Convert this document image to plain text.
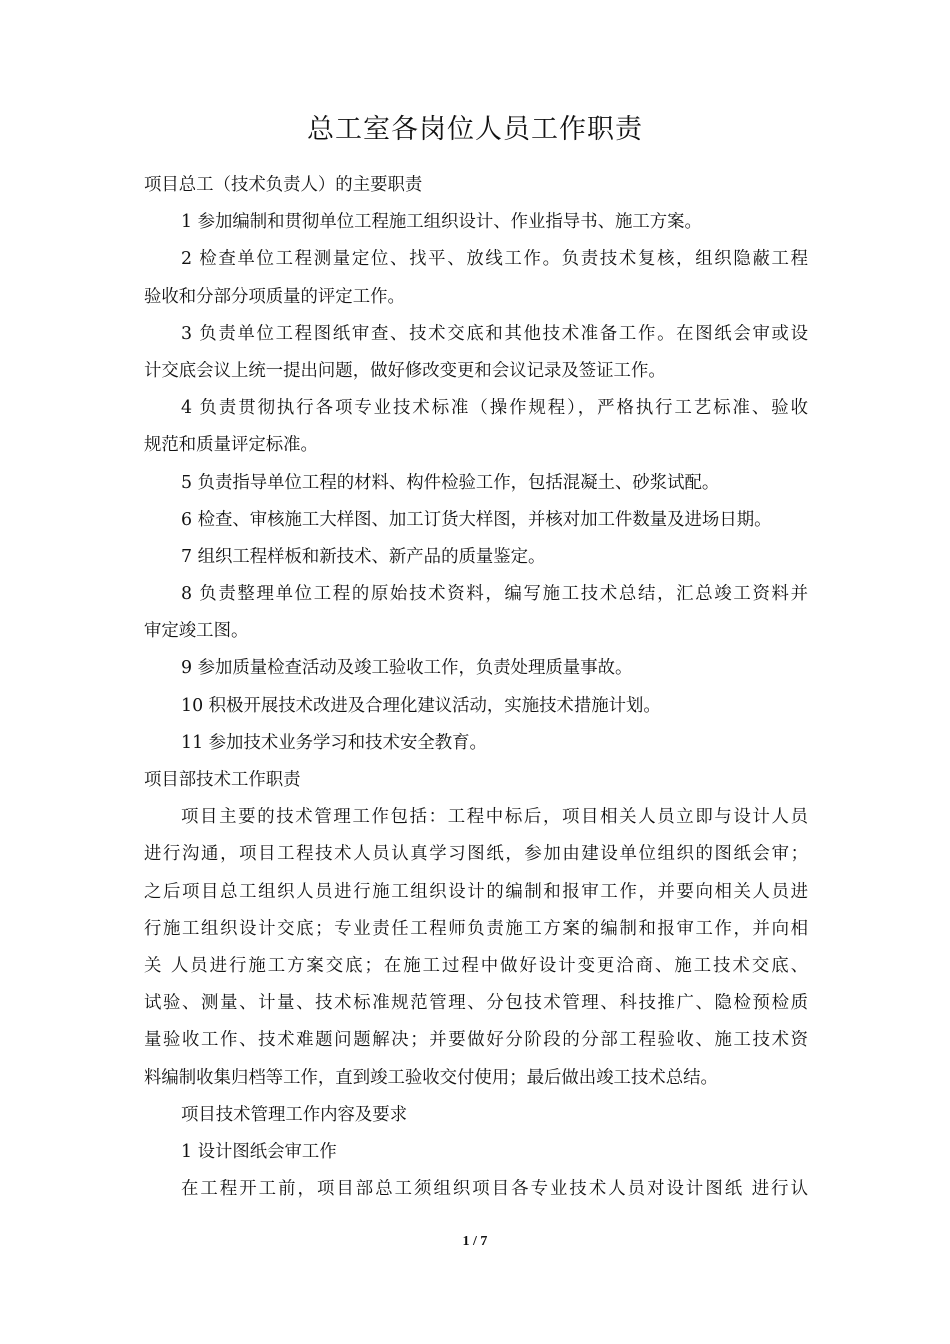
总工室各岗位人员工作职责
项目总工（技术负责人）的主要职责
1 参加编制和贯彻单位工程施工组织设计、作业指导书、施工方案。
2 检查单位工程测量定位、找平、放线工作。负责技术复核，组织隐蔽工程
验收和分部分项质量的评定工作。
3 负责单位工程图纸审查、技术交底和其他技术准备工作。在图纸会审或设
计交底会议上统一提出问题，做好修改变更和会议记录及签证工作。
4 负责贯彻执行各项专业技术标准（操作规程），严格执行工艺标准、验收
规范和质量评定标准。
5 负责指导单位工程的材料、构件检验工作，包括混凝土、砂浆试配。
6 检查、审核施工大样图、加工订货大样图，并核对加工件数量及进场日期。
7 组织工程样板和新技术、新产品的质量鉴定。
8 负责整理单位工程的原始技术资料，编写施工技术总结，汇总竣工资料并
审定竣工图。
9 参加质量检查活动及竣工验收工作，负责处理质量事故。
10 积极开展技术改进及合理化建议活动，实施技术措施计划。
11 参加技术业务学习和技术安全教育。
项目部技术工作职责
项目主要的技术管理工作包括：工程中标后，项目相关人员立即与设计人员
进行沟通，项目工程技术人员认真学习图纸，参加由建设单位组织的图纸会审；
之后项目总工组织人员进行施工组织设计的编制和报审工作，并要向相关人员进
行施工组织设计交底；专业责任工程师负责施工方案的编制和报审工作，并向相
关 人员进行施工方案交底；在施工过程中做好设计变更洽商、施工技术交底、
试验、测量、计量、技术标准规范管理、分包技术管理、科技推广、隐检预检质
量验收工作、技术难题问题解决；并要做好分阶段的分部工程验收、施工技术资
料编制收集归档等工作，直到竣工验收交付使用；最后做出竣工技术总结。
项目技术管理工作内容及要求
1 设计图纸会审工作
在工程开工前，项目部总工须组织项目各专业技术人员对设计图纸 进行认
1 / 7
